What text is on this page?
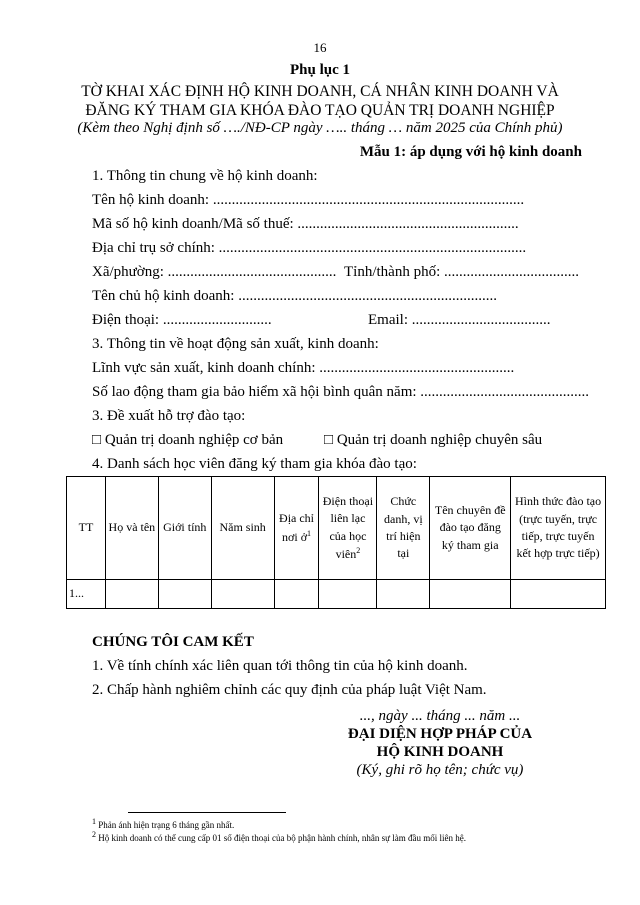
16
Phụ lục 1
TỜ KHAI XÁC ĐỊNH HỘ KINH DOANH, CÁ NHÂN KINH DOANH VÀ
ĐĂNG KÝ THAM GIA KHÓA ĐÀO TẠO QUẢN TRỊ DOANH NGHIỆP
(Kèm theo Nghị định số …./NĐ-CP ngày ….. tháng … năm 2025 của Chính phủ)
Mẫu 1: áp dụng với hộ kinh doanh
1. Thông tin chung về hộ kinh doanh:
Tên hộ kinh doanh: ...................................................................................
Mã số hộ kinh doanh/Mã số thuế: ...........................................................
Địa chỉ trụ sở chính: ..................................................................................
Xã/phường: ............................................. Tỉnh/thành phố: ....................................
Tên chủ hộ kinh doanh: .....................................................................
Điện thoại: .............................	Email: .....................................
3. Thông tin về hoạt động sản xuất, kinh doanh:
Lĩnh vực sản xuất, kinh doanh chính: ....................................................
Số lao động tham gia bảo hiểm xã hội bình quân năm: .............................................
3. Đề xuất hỗ trợ đào tạo:
□ Quản trị doanh nghiệp cơ bản	□ Quản trị doanh nghiệp chuyên sâu
4. Danh sách học viên đăng ký tham gia khóa đào tạo:
TT	Họ và tên	Giới tính	Năm sinh	Địa chỉ nơi ở$^1$	Điện thoại liên lạc của học viên$^2$	Chức danh, vị trí hiện tại	Tên chuyên đề đào tạo đăng ký tham gia	Hình thức đào tạo (trực tuyến, trực tiếp, trực tuyến kết hợp trực tiếp)
1...								
CHÚNG TÔI CAM KẾT
1. Về tính chính xác liên quan tới thông tin của hộ kinh doanh.
2. Chấp hành nghiêm chỉnh các quy định của pháp luật Việt Nam.
..., ngày ... tháng ... năm ...
ĐẠI DIỆN HỢP PHÁP CỦA
HỘ KINH DOANH
(Ký, ghi rõ họ tên; chức vụ)
$^1$ Phản ánh hiện trạng 6 tháng gần nhất.
$^2$ Hộ kinh doanh có thể cung cấp 01 số điện thoại của bộ phận hành chính, nhân sự làm đầu mối liên hệ.
